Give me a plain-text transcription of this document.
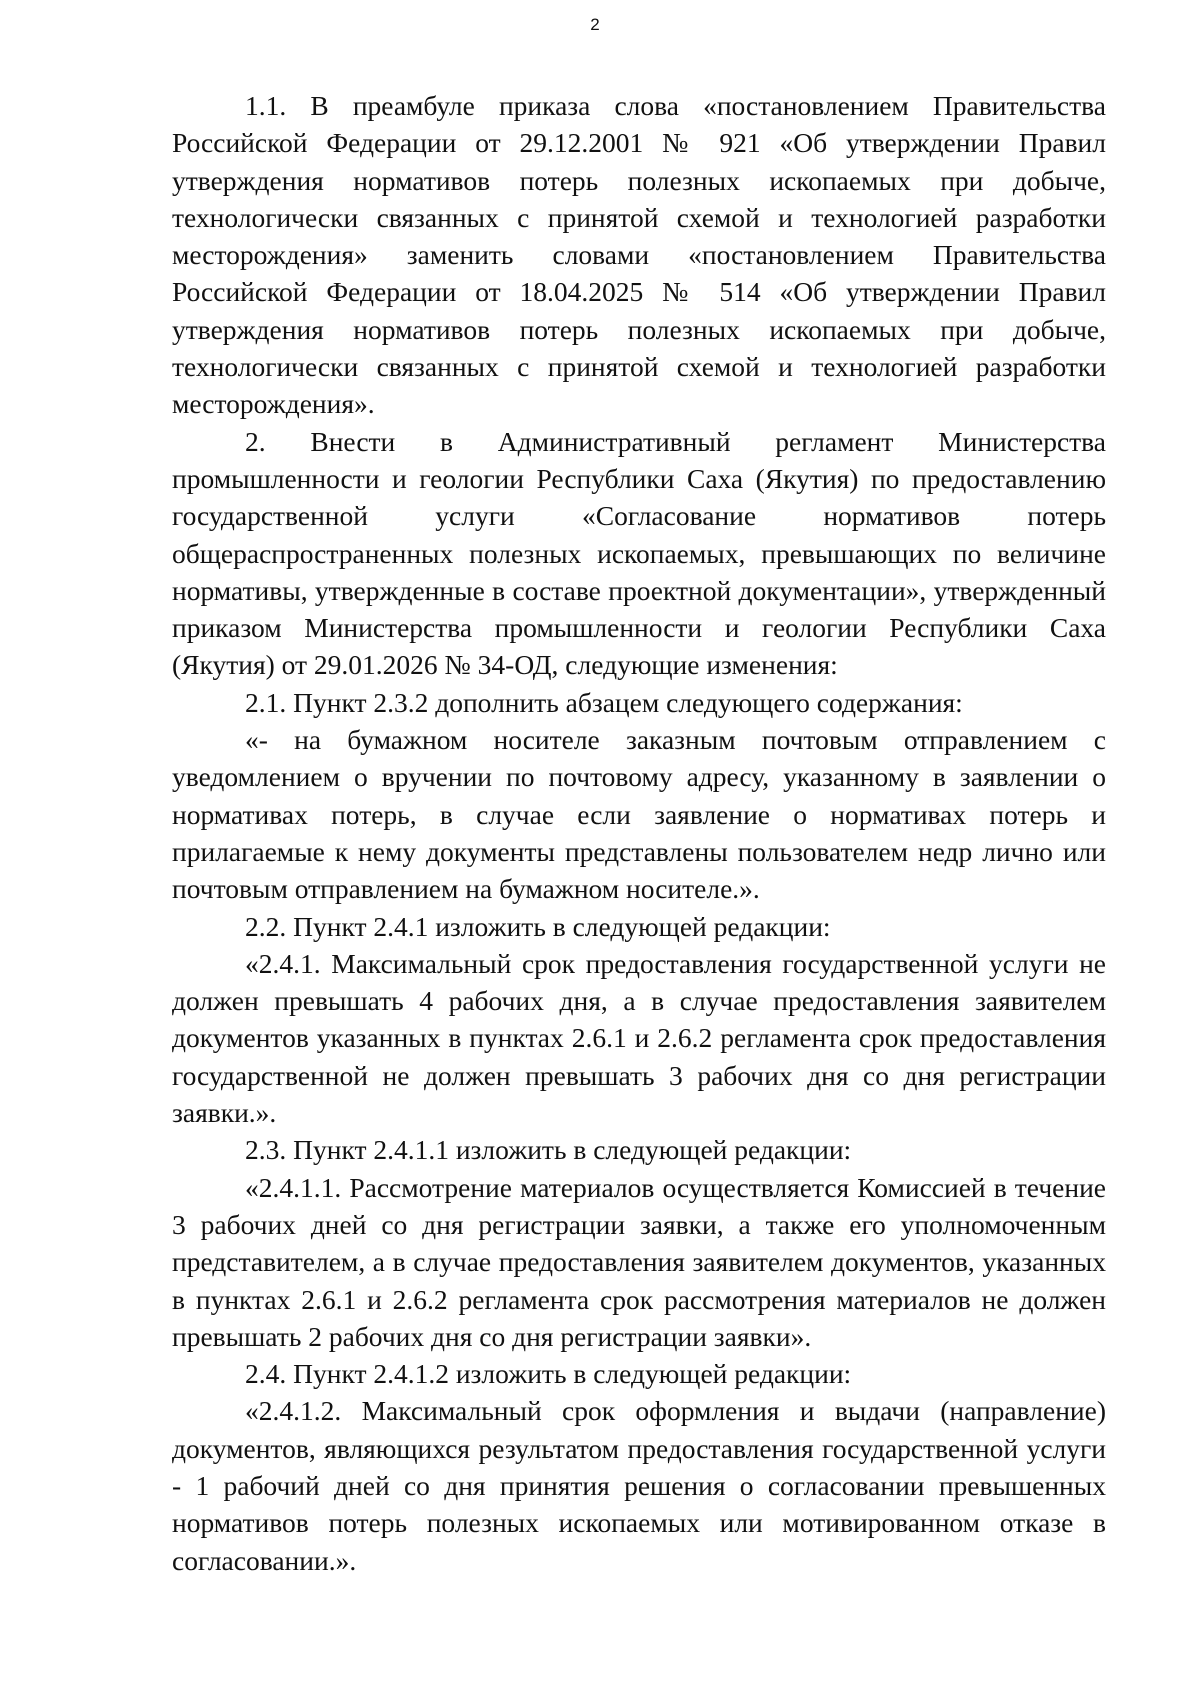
2

1.1. В преамбуле приказа слова «постановлением Правительства Российской Федерации от 29.12.2001 № 921 «Об утверждении Правил утверждения нормативов потерь полезных ископаемых при добыче, технологически связанных с принятой схемой и технологией разработки месторождения» заменить словами «постановлением Правительства Российской Федерации от 18.04.2025 № 514 «Об утверждении Правил утверждения нормативов потерь полезных ископаемых при добыче, технологически связанных с принятой схемой и технологией разработки месторождения».

2. Внести в Административный регламент Министерства промышленности и геологии Республики Саха (Якутия) по предоставлению государственной услуги «Согласование нормативов потерь общераспространенных полезных ископаемых, превышающих по величине нормативы, утвержденные в составе проектной документации», утвержденный приказом Министерства промышленности и геологии Республики Саха (Якутия) от 29.01.2026 № 34-ОД, следующие изменения:

2.1. Пункт 2.3.2 дополнить абзацем следующего содержания:

«- на бумажном носителе заказным почтовым отправлением с уведомлением о вручении по почтовому адресу, указанному в заявлении о нормативах потерь, в случае если заявление о нормативах потерь и прилагаемые к нему документы представлены пользователем недр лично или почтовым отправлением на бумажном носителе.».

2.2. Пункт 2.4.1 изложить в следующей редакции:

«2.4.1. Максимальный срок предоставления государственной услуги не должен превышать 4 рабочих дня, а в случае предоставления заявителем документов указанных в пунктах 2.6.1 и 2.6.2 регламента срок предоставления государственной не должен превышать 3 рабочих дня со дня регистрации заявки.».

2.3. Пункт 2.4.1.1 изложить в следующей редакции:

«2.4.1.1. Рассмотрение материалов осуществляется Комиссией в течение 3 рабочих дней со дня регистрации заявки, а также его уполномоченным представителем, а в случае предоставления заявителем документов, указанных в пунктах 2.6.1 и 2.6.2 регламента срок рассмотрения материалов не должен превышать 2 рабочих дня со дня регистрации заявки».

2.4. Пункт 2.4.1.2 изложить в следующей редакции:

«2.4.1.2. Максимальный срок оформления и выдачи (направление) документов, являющихся результатом предоставления государственной услуги - 1 рабочий дней со дня принятия решения о согласовании превышенных нормативов потерь полезных ископаемых или мотивированном отказе в согласовании.».
